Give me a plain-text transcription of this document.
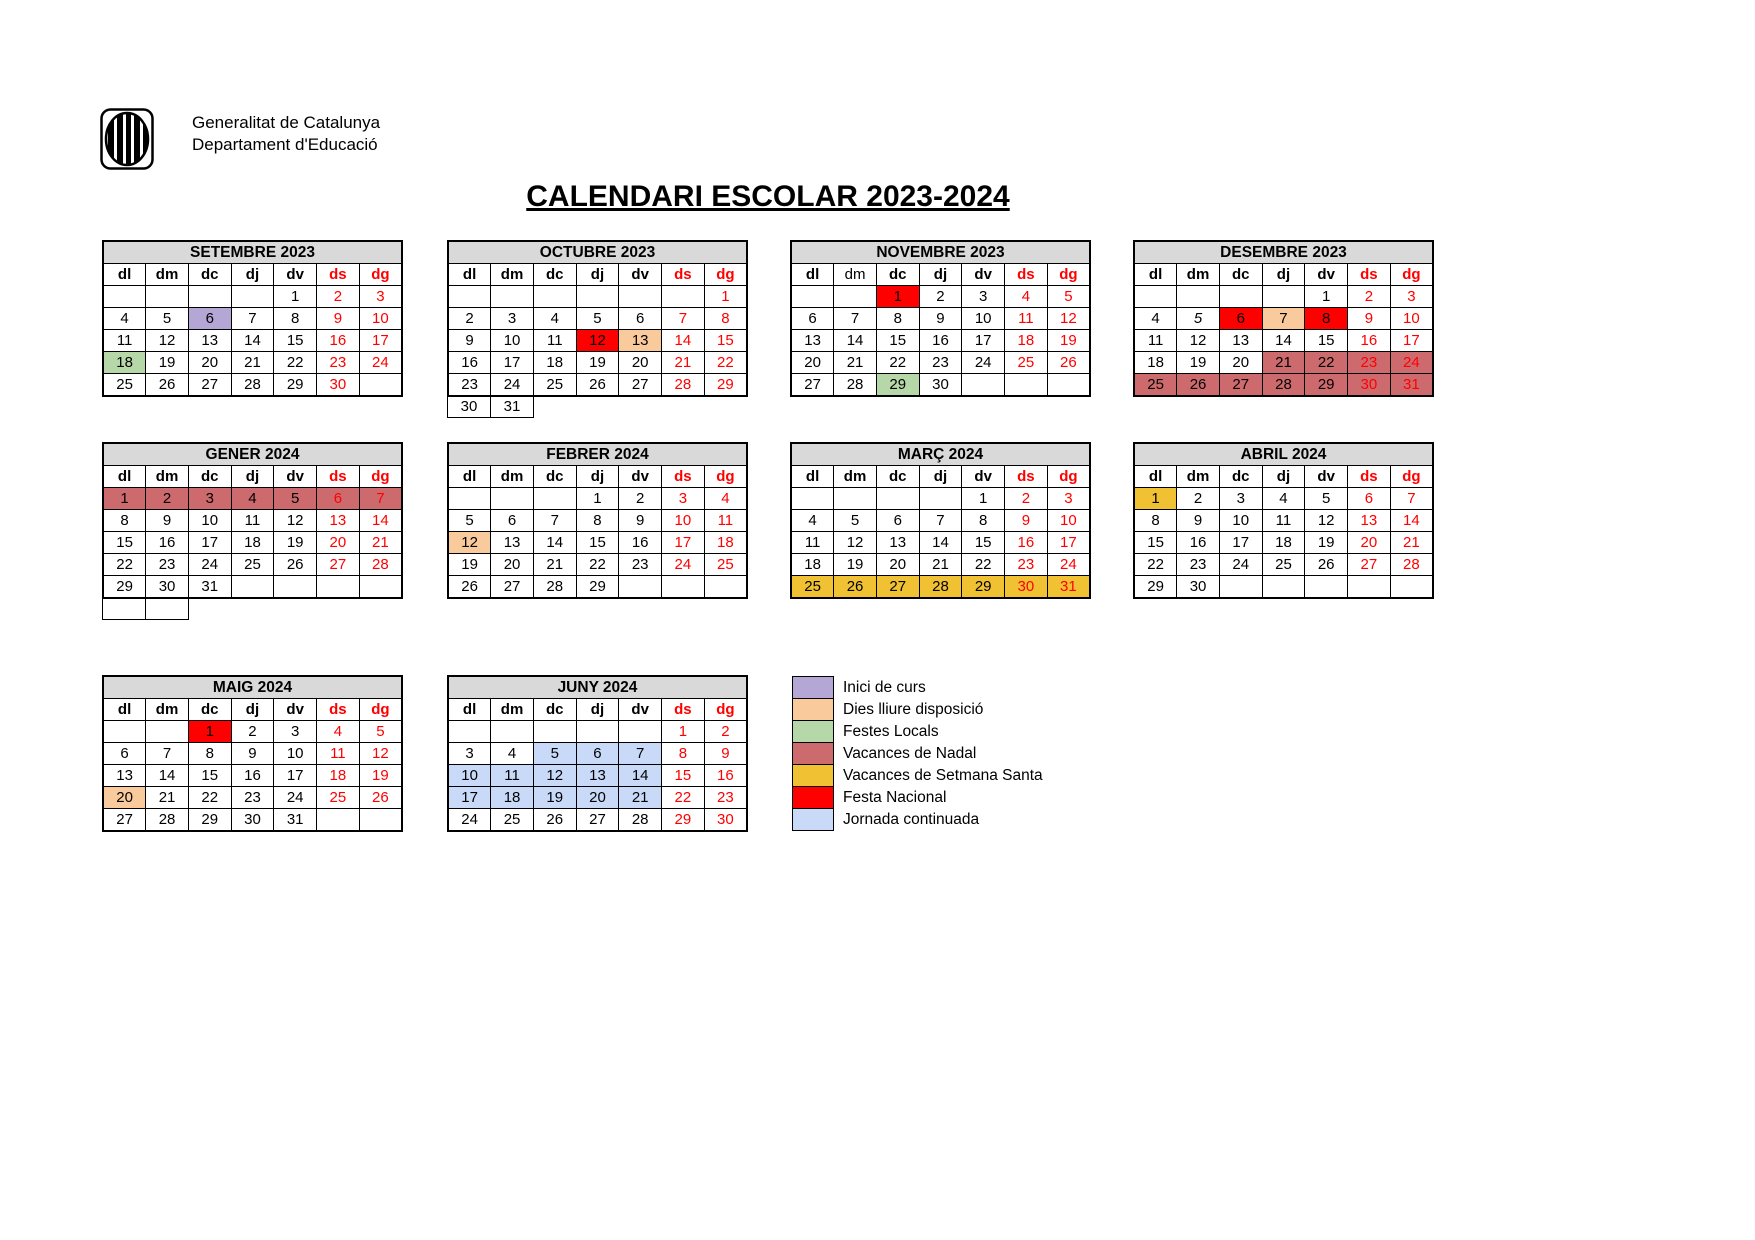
Generalitat de Catalunya
Departament d'Educació
CALENDARI ESCOLAR 2023-2024
SETEMBRE 2023						
dl	dm	dc	dj	dv	ds	dg
				1	2	3
4	5	6	7	8	9	10
11	12	13	14	15	16	17
18	19	20	21	22	23	24
25	26	27	28	29	30	
OCTUBRE 2023						
dl	dm	dc	dj	dv	ds	dg
						1
2	3	4	5	6	7	8
9	10	11	12	13	14	15
16	17	18	19	20	21	22
23	24	25	26	27	28	29
30	31
NOVEMBRE 2023						
dl	dm	dc	dj	dv	ds	dg
		1	2	3	4	5
6	7	8	9	10	11	12
13	14	15	16	17	18	19
20	21	22	23	24	25	26
27	28	29	30			
DESEMBRE 2023						
dl	dm	dc	dj	dv	ds	dg
				1	2	3
4	5	6	7	8	9	10
11	12	13	14	15	16	17
18	19	20	21	22	23	24
25	26	27	28	29	30	31
GENER 2024						
dl	dm	dc	dj	dv	ds	dg
1	2	3	4	5	6	7
8	9	10	11	12	13	14
15	16	17	18	19	20	21
22	23	24	25	26	27	28
29	30	31				

FEBRER 2024						
dl	dm	dc	dj	dv	ds	dg
			1	2	3	4
5	6	7	8	9	10	11
12	13	14	15	16	17	18
19	20	21	22	23	24	25
26	27	28	29			
MARÇ 2024						
dl	dm	dc	dj	dv	ds	dg
				1	2	3
4	5	6	7	8	9	10
11	12	13	14	15	16	17
18	19	20	21	22	23	24
25	26	27	28	29	30	31
ABRIL 2024						
dl	dm	dc	dj	dv	ds	dg
1	2	3	4	5	6	7
8	9	10	11	12	13	14
15	16	17	18	19	20	21
22	23	24	25	26	27	28
29	30					
MAIG 2024						
dl	dm	dc	dj	dv	ds	dg
		1	2	3	4	5
6	7	8	9	10	11	12
13	14	15	16	17	18	19
20	21	22	23	24	25	26
27	28	29	30	31		
JUNY 2024						
dl	dm	dc	dj	dv	ds	dg
					1	2
3	4	5	6	7	8	9
10	11	12	13	14	15	16
17	18	19	20	21	22	23
24	25	26	27	28	29	30
Inici de curs
Dies lliure disposició
Festes Locals
Vacances de Nadal
Vacances de Setmana Santa
Festa Nacional
Jornada continuada
